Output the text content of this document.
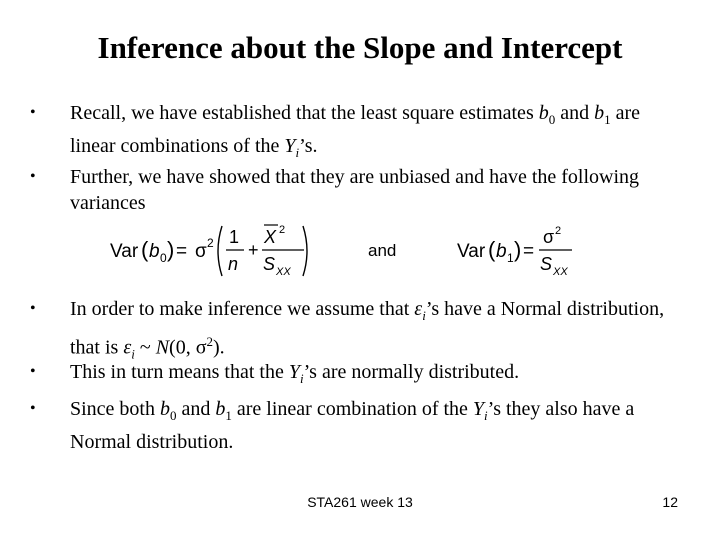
Inference about the Slope and Intercept
• Recall, we have established that the least square estimates $b_0$ and $b_1$ are linear combinations of the $Y_i’s$.
• Further, we have showed that they are unbiased and have the following variances
Var ( b 0 ) = σ 2 1
n
+
X 2
S XX
and	Var ( b 1 ) =
σ 2
S XX
• In order to make inference we assume that $\varepsilon_i’s$ have a Normal distribution, that is $\varepsilon_i$ ~ N(0, $\sigma^2$).
• This in turn means that the $Y_i’s$ are normally distributed.
• Since both $b_0$ and $b_1$ are linear combination of the $Y_i’s$ they also have a Normal distribution.
STA261 week 13	12
